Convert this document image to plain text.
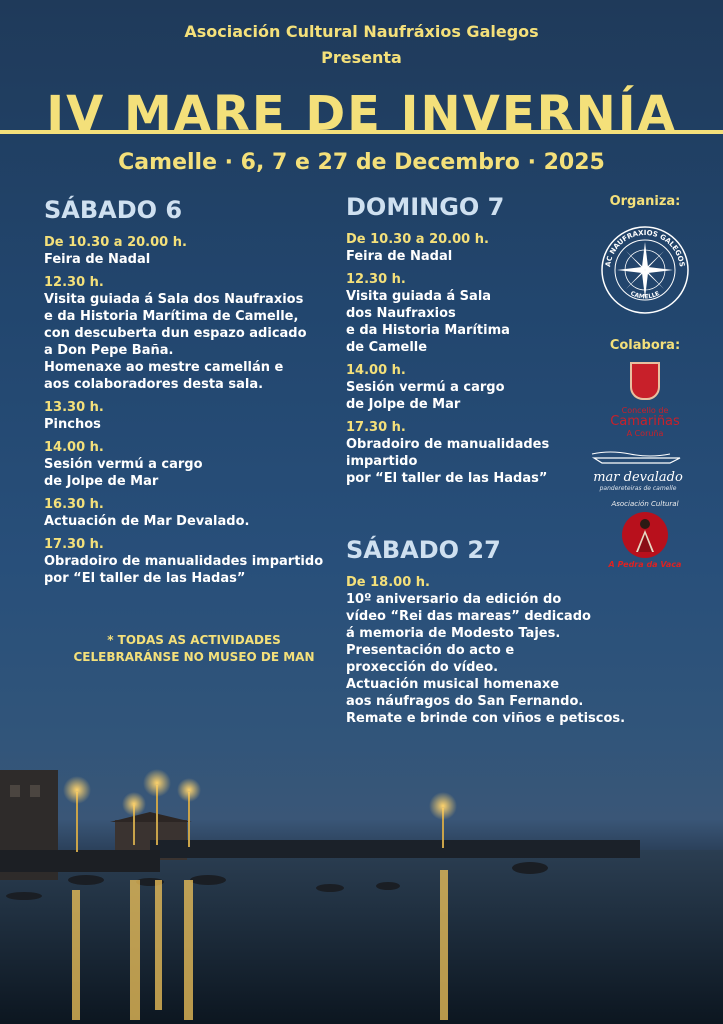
Asociación Cultural Naufráxios Galegos
Presenta
IV MARE DE INVERNÍA
Camelle · 6, 7 e 27 de Decembro · 2025
SÁBADO 6
De 10.30 a 20.00 h.
Feira de Nadal
12.30 h.
Visita guiada á Sala dos Naufraxios
e da Historia Marítima de Camelle,
con descuberta dun espazo adicado
a Don Pepe Baña.
Homenaxe ao mestre camellán e
aos colaboradores desta sala.
13.30 h.
Pinchos
14.00 h.
Sesión vermú a cargo
de Jolpe de Mar
16.30 h.
Actuación de Mar Devalado.
17.30 h.
Obradoiro de manualidades impartido
por “El taller de las Hadas”
* TODAS AS ACTIVIDADES
CELEBRARÁNSE NO MUSEO DE MAN
DOMINGO 7
De 10.30 a 20.00 h.
Feira de Nadal
12.30 h.
Visita guiada á Sala
dos Naufraxios
e da Historia Marítima
de Camelle
14.00 h.
Sesión vermú a cargo
de Jolpe de Mar
17.30 h.
Obradoiro de manualidades
impartido
por “El taller de las Hadas”
SÁBADO 27
De 18.00 h.
10º aniversario da edición do
vídeo “Rei das mareas” dedicado
á memoria de Modesto Tajes.
Presentación do acto e
proxección do vídeo.
Actuación musical homenaxe
aos náufragos do San Fernando.
Remate e brinde con viños e petiscos.
Organiza:
AC NAUFRAXIOS GALEGOS
CAMELLE
Colabora:
Concello de
Camariñas
A Coruña
mar devalado
pandereteiras de camelle
Asociación Cultural
A Pedra da Vaca
